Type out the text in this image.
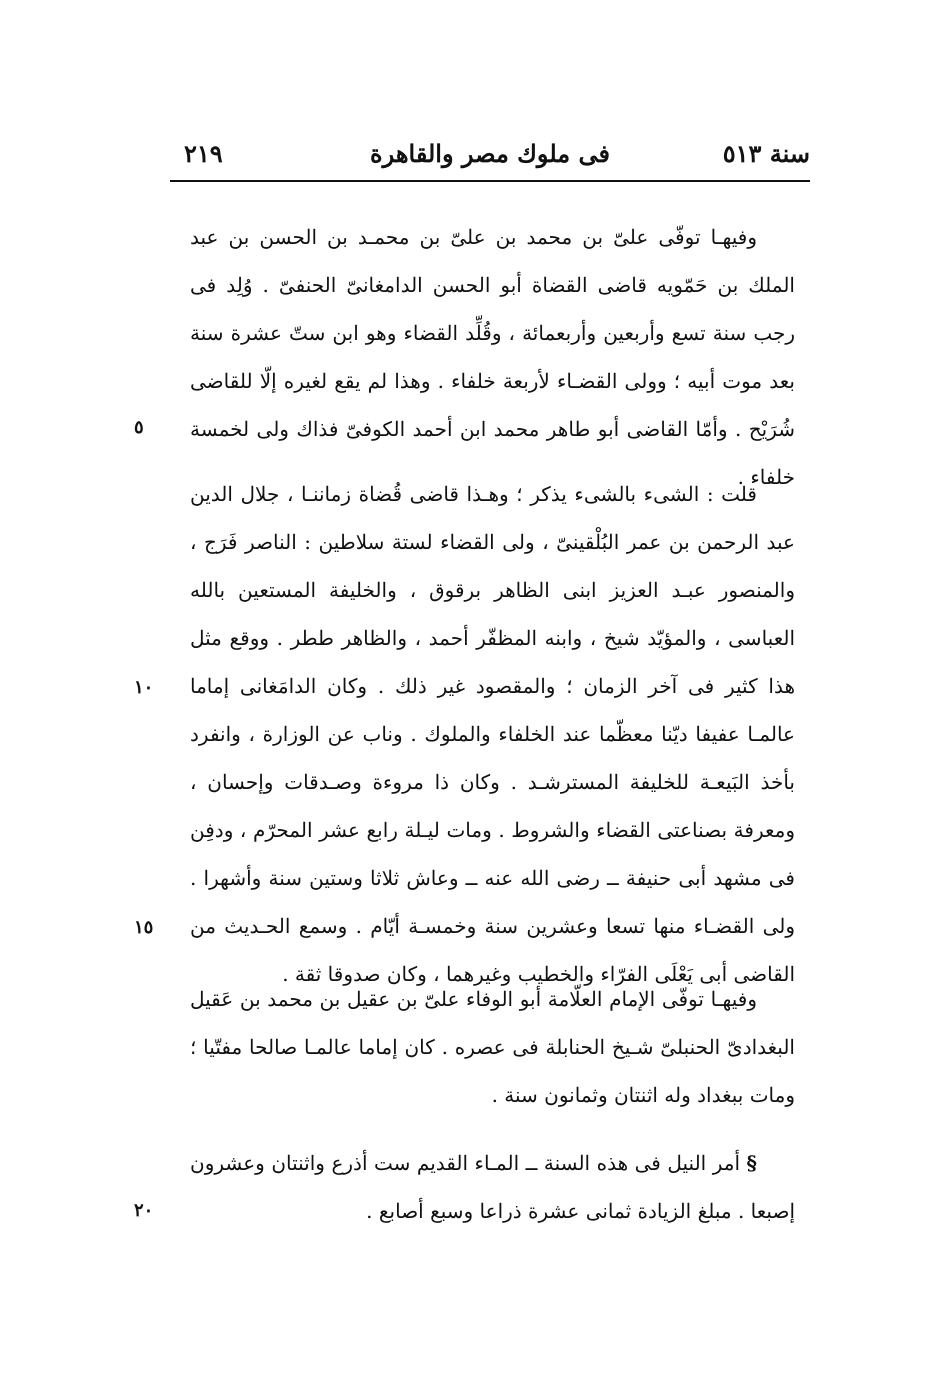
سنة ٥١٣
فى ملوك مصر والقاهرة
٢١٩

وفيهـا توفّى علىّ بن محمد بن علىّ بن محمـد بن الحسن بن عبد الملك بن حَمّويه قاضى القضاة أبو الحسن الدامغانىّ الحنفىّ . وُلِد فى رجب سنة تسع وأربعين وأربعمائة ، وقُلِّد القضاء وهو ابن ستّ عشرة سنة بعد موت أبيه ؛ وولى القضـاء لأربعة خلفاء . وهذا لم يقع لغيره إلّا للقاضى شُرَيْح . وأمّا القاضى أبو طاهر محمد ابن أحمد الكوفىّ فذاك ولى لخمسة خلفاء .

قلت : الشىء بالشىء يذكر ؛ وهـذا قاضى قُضاة زماننـا ، جلال الدين عبد الرحمن بن عمر البُلْقينىّ ، ولى القضاء لستة سلاطين : الناصر فَرَج ، والمنصور عبـد العزيز ابنى الظاهر برقوق ، والخليفة المستعين بالله العباسى ، والمؤيّد شيخ ، وابنه المظفّر أحمد ، والظاهر ططر . ووقع مثل هذا كثير فى آخر الزمان ؛ والمقصود غير ذلك . وكان الدامَغانى إماما عالمـا عفيفا ديّنا معظّما عند الخلفاء والملوك . وناب عن الوزارة ، وانفرد بأخذ البَيعـة للخليفة المسترشـد . وكان ذا مروءة وصـدقات وإحسان ، ومعرفة بصناعتى القضاء والشروط . ومات ليـلة رابع عشر المحرّم ، ودفِن فى مشهد أبى حنيفة ــ رضى الله عنه ــ وعاش ثلاثا وستين سنة وأشهرا . ولى القضـاء منها تسعا وعشرين سنة وخمسـة أيّام . وسمع الحـديث من القاضى أبى يَعْلَى الفرّاء والخطيب وغيرهما ، وكان صدوقا ثقة .

وفيهـا توفّى الإمام العلّامة أبو الوفاء علىّ بن عقيل بن محمد بن عَقيل البغدادىّ الحنبلىّ شـيخ الحنابلة فى عصره . كان إماما عالمـا صالحا مفتّيا ؛ ومات ببغداد وله اثنتان وثمانون سنة .

§ أمر النيل فى هذه السنة ــ المـاء القديم ست أذرع واثنتان وعشرون إصبعا . مبلغ الزيادة ثمانى عشرة ذراعا وسبع أصابع .

٥
١٠
١٥
٢٠
